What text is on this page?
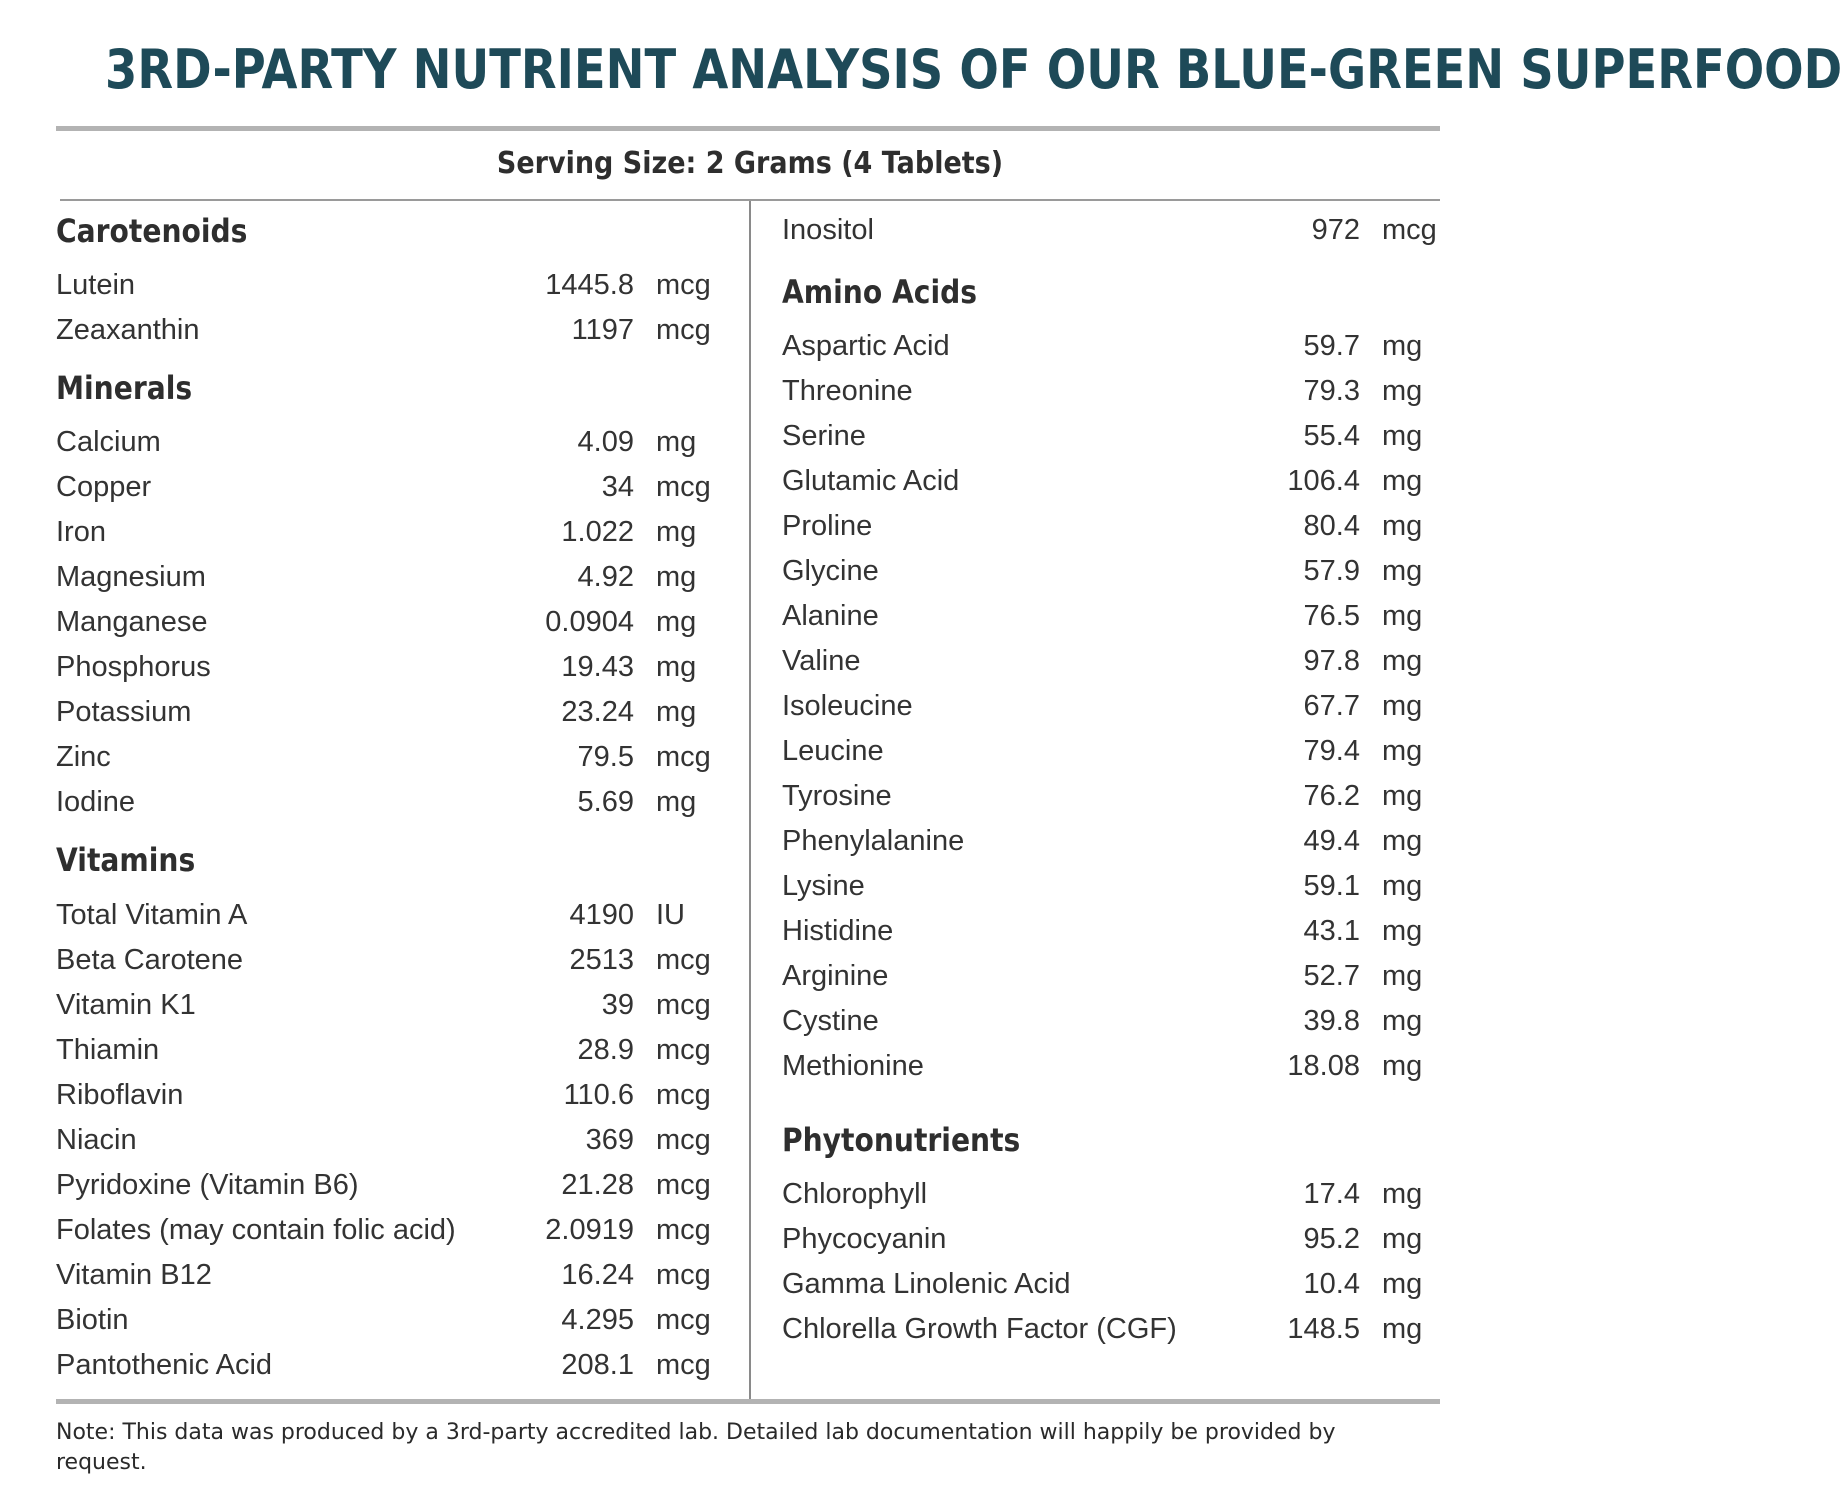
3RD-PARTY NUTRIENT ANALYSIS OF OUR BLUE-GREEN SUPERFOOD
Serving Size: 2 Grams (4 Tablets)
Carotenoids
Lutein	1445.8 mcg
Zeaxanthin	1197 mcg
Minerals
Calcium	4.09 mg
Copper	34 mcg
Iron	1.022 mg
Magnesium	4.92 mg
Manganese	0.0904 mg
Phosphorus	19.43 mg
Potassium	23.24 mg
Zinc	79.5 mcg
Iodine	5.69 mg
Vitamins
Total Vitamin A	4190 IU
Beta Carotene	2513 mcg
Vitamin K1	39 mcg
Thiamin	28.9 mcg
Riboflavin	110.6 mcg
Niacin	369 mcg
Pyridoxine (Vitamin B6)	21.28 mcg
Folates (may contain folic acid)	2.0919 mcg
Vitamin B12	16.24 mcg
Biotin	4.295 mcg
Pantothenic Acid	208.1 mcg
Inositol	972 mcg
Amino Acids
Aspartic Acid	59.7 mg
Threonine	79.3 mg
Serine	55.4 mg
Glutamic Acid	106.4 mg
Proline	80.4 mg
Glycine	57.9 mg
Alanine	76.5 mg
Valine	97.8 mg
Isoleucine	67.7 mg
Leucine	79.4 mg
Tyrosine	76.2 mg
Phenylalanine	49.4 mg
Lysine	59.1 mg
Histidine	43.1 mg
Arginine	52.7 mg
Cystine	39.8 mg
Methionine	18.08 mg
Phytonutrients
Chlorophyll	17.4 mg
Phycocyanin	95.2 mg
Gamma Linolenic Acid	10.4 mg
Chlorella Growth Factor (CGF)	148.5 mg
Note: This data was produced by a 3rd-party accredited lab. Detailed lab documentation will happily be provided by request.
